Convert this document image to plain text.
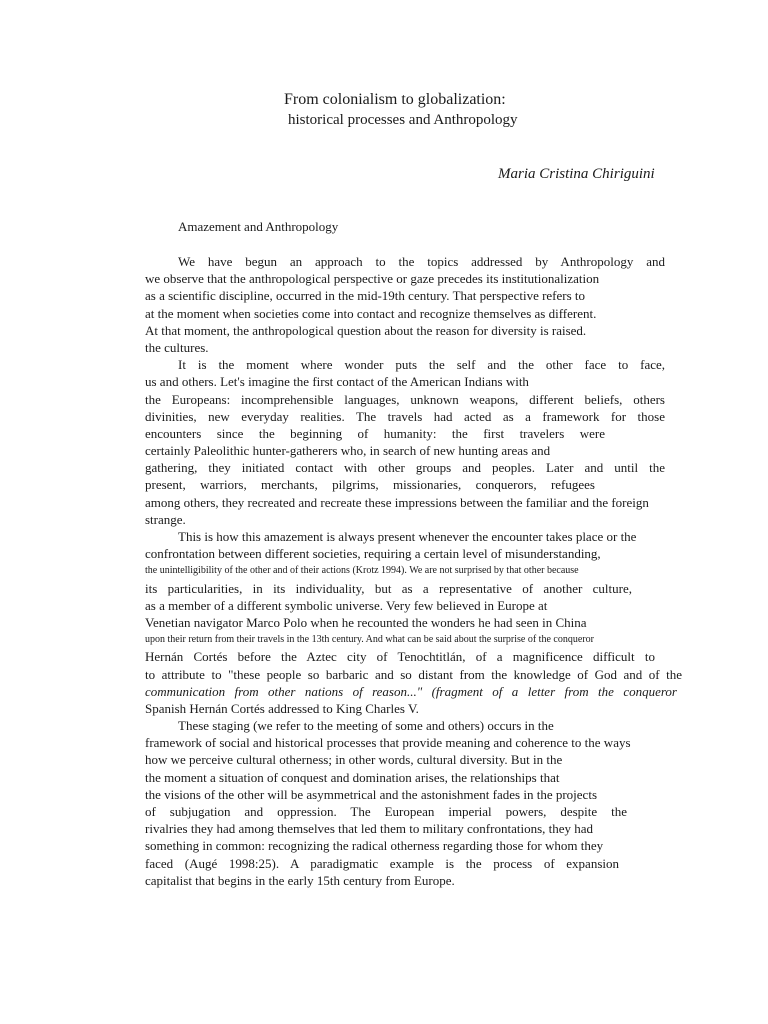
From colonialism to globalization:
historical processes and Anthropology
Maria Cristina Chiriguini
Amazement and Anthropology
We have begun an approach to the topics addressed by Anthropology and
we observe that the anthropological perspective or gaze precedes its institutionalization
as a scientific discipline, occurred in the mid-19th century. That perspective refers to
at the moment when societies come into contact and recognize themselves as different.
At that moment, the anthropological question about the reason for diversity is raised.
the cultures.
It is the moment where wonder puts the self and the other face to face,
us and others. Let's imagine the first contact of the American Indians with
the Europeans: incomprehensible languages, unknown weapons, different beliefs, others
divinities, new everyday realities. The travels had acted as a framework for those
encounters since the beginning of humanity: the first travelers were
certainly Paleolithic hunter-gatherers who, in search of new hunting areas and
gathering, they initiated contact with other groups and peoples. Later and until the
present, warriors, merchants, pilgrims, missionaries, conquerors, refugees
among others, they recreated and recreate these impressions between the familiar and the foreign
strange.
This is how this amazement is always present whenever the encounter takes place or the
confrontation between different societies, requiring a certain level of misunderstanding,
the unintelligibility of the other and of their actions (Krotz 1994). We are not surprised by that other because
its particularities, in its individuality, but as a representative of another culture,
as a member of a different symbolic universe. Very few believed in Europe at
Venetian navigator Marco Polo when he recounted the wonders he had seen in China
upon their return from their travels in the 13th century. And what can be said about the surprise of the conqueror
Hernán Cortés before the Aztec city of Tenochtitlán, of a magnificence difficult to
to attribute to "these people so barbaric and so distant from the knowledge of God and of the
communication from other nations of reason..." (fragment of a letter from the conqueror
Spanish Hernán Cortés addressed to King Charles V.
These staging (we refer to the meeting of some and others) occurs in the
framework of social and historical processes that provide meaning and coherence to the ways
how we perceive cultural otherness; in other words, cultural diversity. But in the
the moment a situation of conquest and domination arises, the relationships that
the visions of the other will be asymmetrical and the astonishment fades in the projects
of subjugation and oppression. The European imperial powers, despite the
rivalries they had among themselves that led them to military confrontations, they had
something in common: recognizing the radical otherness regarding those for whom they
faced (Augé 1998:25). A paradigmatic example is the process of expansion
capitalist that begins in the early 15th century from Europe.
